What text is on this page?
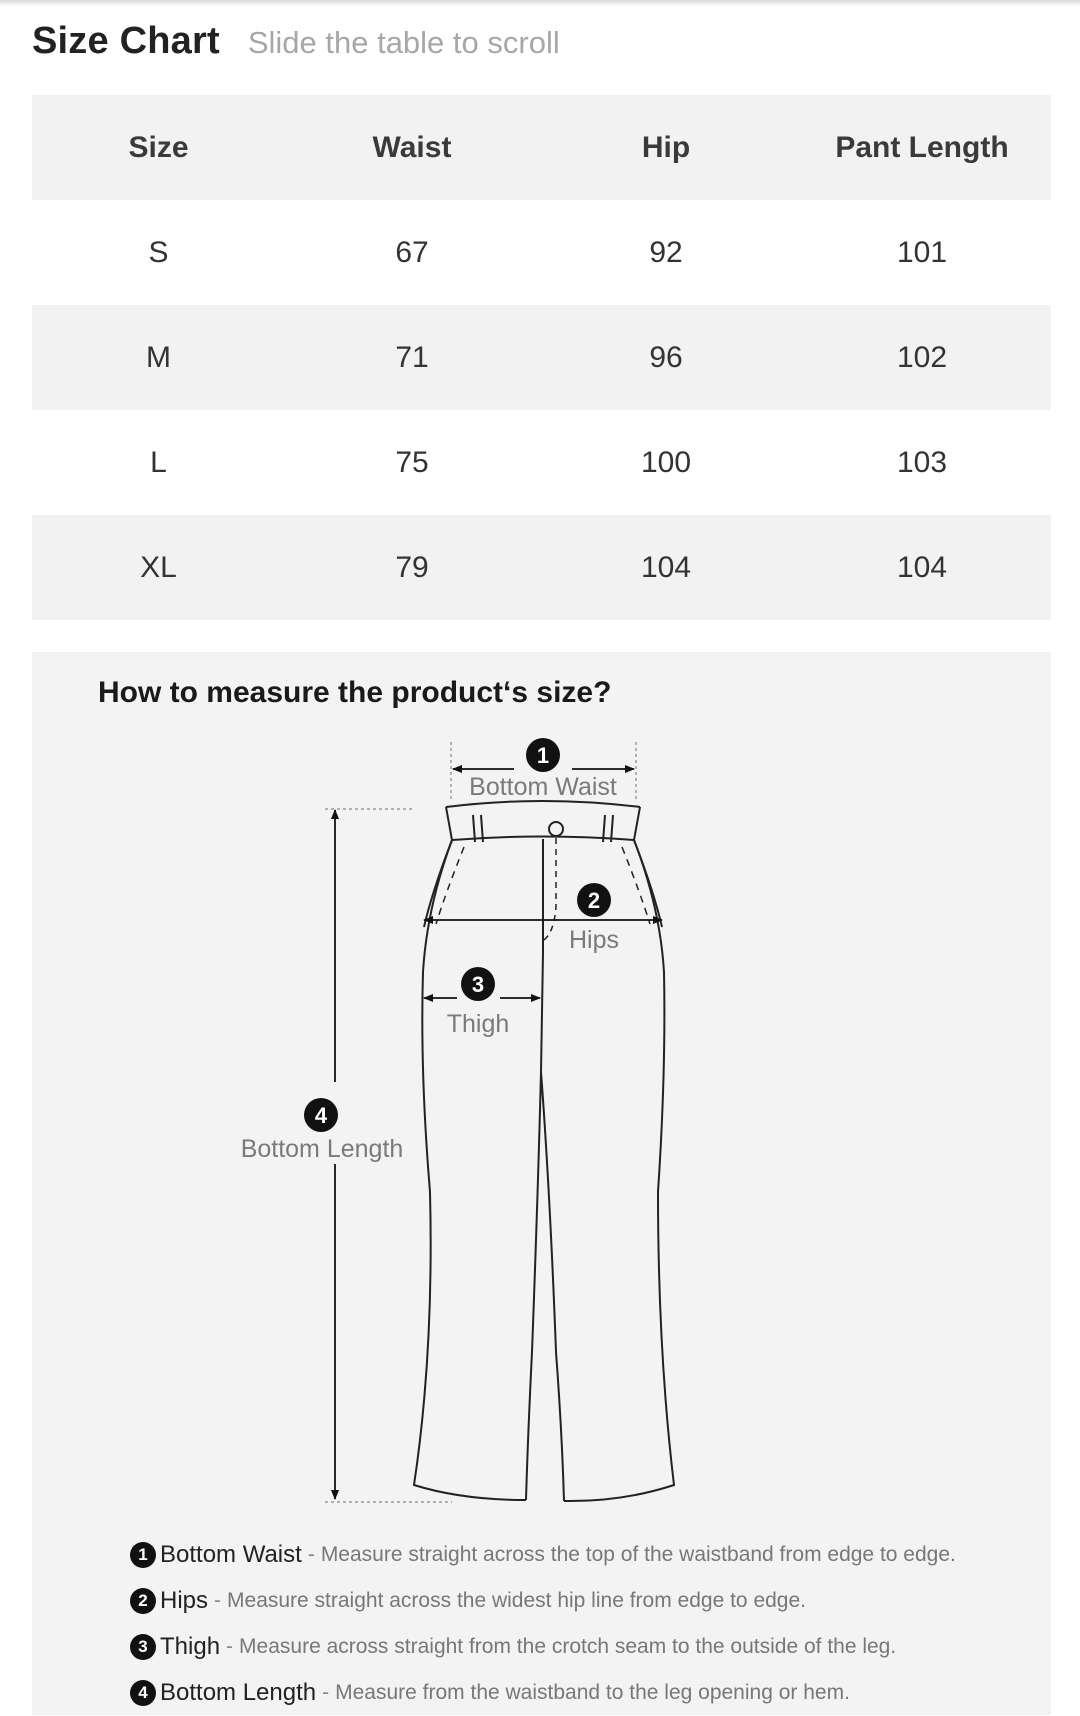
Size Chart Slide the table to scroll
Size	Waist	Hip	Pant Length
S	67	92	101
M	71	96	102
L	75	100	103
XL	79	104	104
How to measure the product‘s size?
1
2
3
4
Bottom Waist
Hips
Thigh
Bottom Length
1 Bottom Waist - Measure straight across the top of the waistband from edge to edge.
2 Hips - Measure straight across the widest hip line from edge to edge.
3 Thigh - Measure across straight from the crotch seam to the outside of the leg.
4 Bottom Length - Measure from the waistband to the leg opening or hem.
